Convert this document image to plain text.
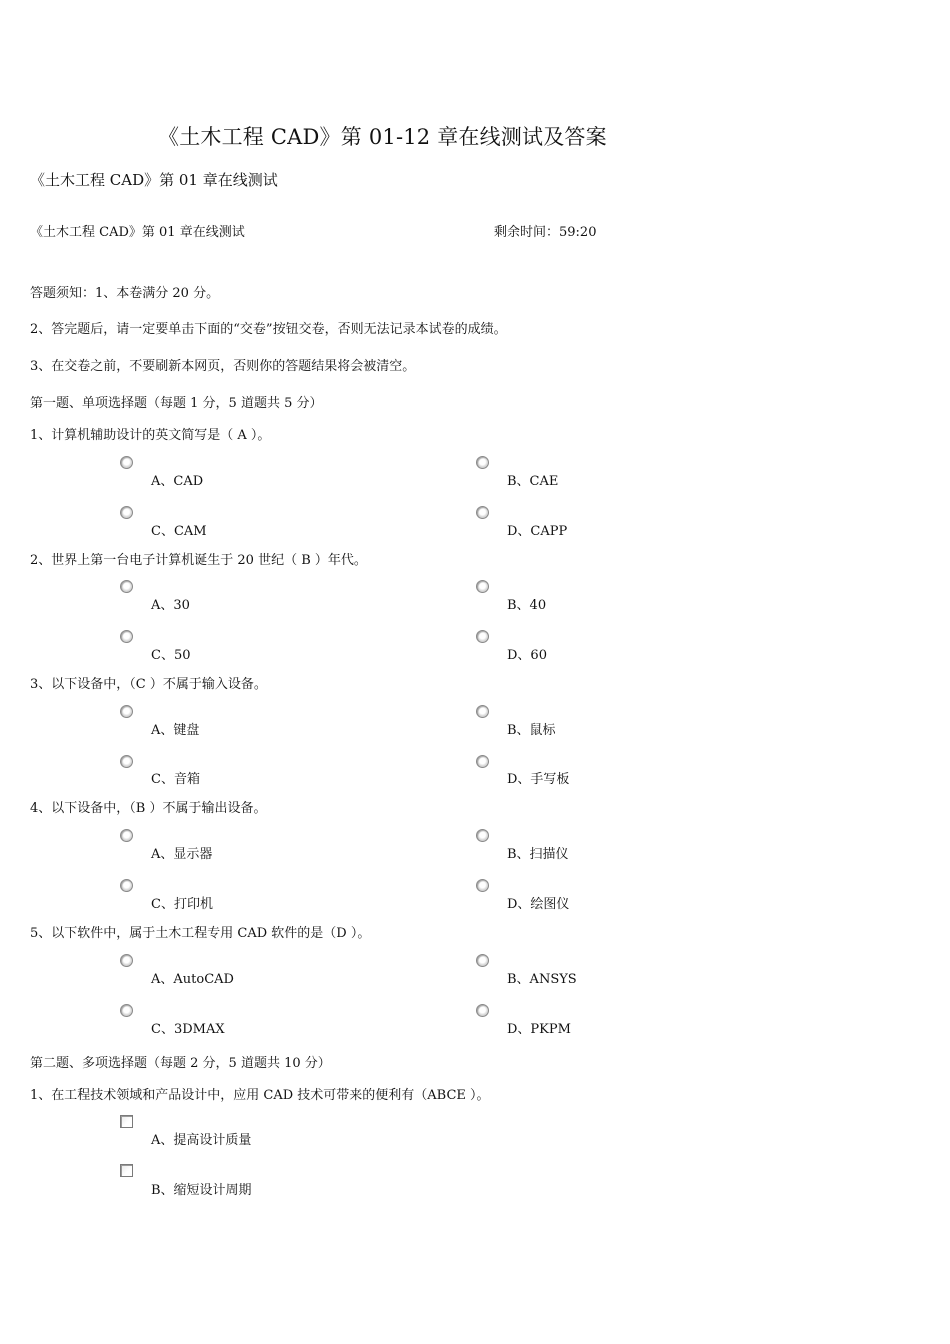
《土木工程 CAD》第 01-12 章在线测试及答案
《土木工程 CAD》第 01 章在线测试
《土木工程 CAD》第 01 章在线测试	剩余时间：59:20
答题须知：1、本卷满分 20 分。
2、答完题后，请一定要单击下面的“交卷”按钮交卷，否则无法记录本试卷的成绩。
3、在交卷之前，不要刷新本网页，否则你的答题结果将会被清空。
第一题、单项选择题（每题 1 分，5 道题共 5 分）
1、计算机辅助设计的英文简写是（ A ）。
A、CAD	B、CAE
C、CAM	D、CAPP
2、世界上第一台电子计算机诞生于 20 世纪（ B ）年代。
A、30	B、40
C、50	D、60
3、以下设备中，（C ）不属于输入设备。
A、键盘	B、鼠标
C、音箱	D、手写板
4、以下设备中，（B ）不属于输出设备。
A、显示器	B、扫描仪
C、打印机	D、绘图仪
5、以下软件中，属于土木工程专用 CAD 软件的是（D ）。
A、AutoCAD	B、ANSYS
C、3DMAX	D、PKPM
第二题、多项选择题（每题 2 分，5 道题共 10 分）
1、在工程技术领域和产品设计中，应用 CAD 技术可带来的便利有（ABCE ）。
A、提高设计质量
B、缩短设计周期
